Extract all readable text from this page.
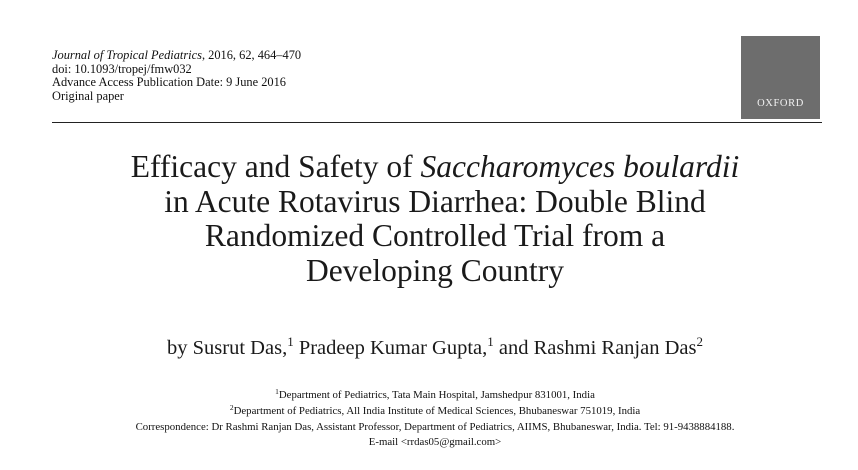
Journal of Tropical Pediatrics, 2016, 62, 464–470
doi: 10.1093/tropej/fmw032
Advance Access Publication Date: 9 June 2016
Original paper
OXFORD
Efficacy and Safety of Saccharomyces boulardii
in Acute Rotavirus Diarrhea: Double Blind
Randomized Controlled Trial from a
Developing Country
by Susrut Das,$^1$ Pradeep Kumar Gupta,$^1$ and Rashmi Ranjan Das$^2$
$^1$Department of Pediatrics, Tata Main Hospital, Jamshedpur 831001, India
$^2$Department of Pediatrics, All India Institute of Medical Sciences, Bhubaneswar 751019, India
Correspondence: Dr Rashmi Ranjan Das, Assistant Professor, Department of Pediatrics, AIIMS, Bhubaneswar, India. Tel: 91-9438884188.
E-mail <rrdas05@gmail.com>
